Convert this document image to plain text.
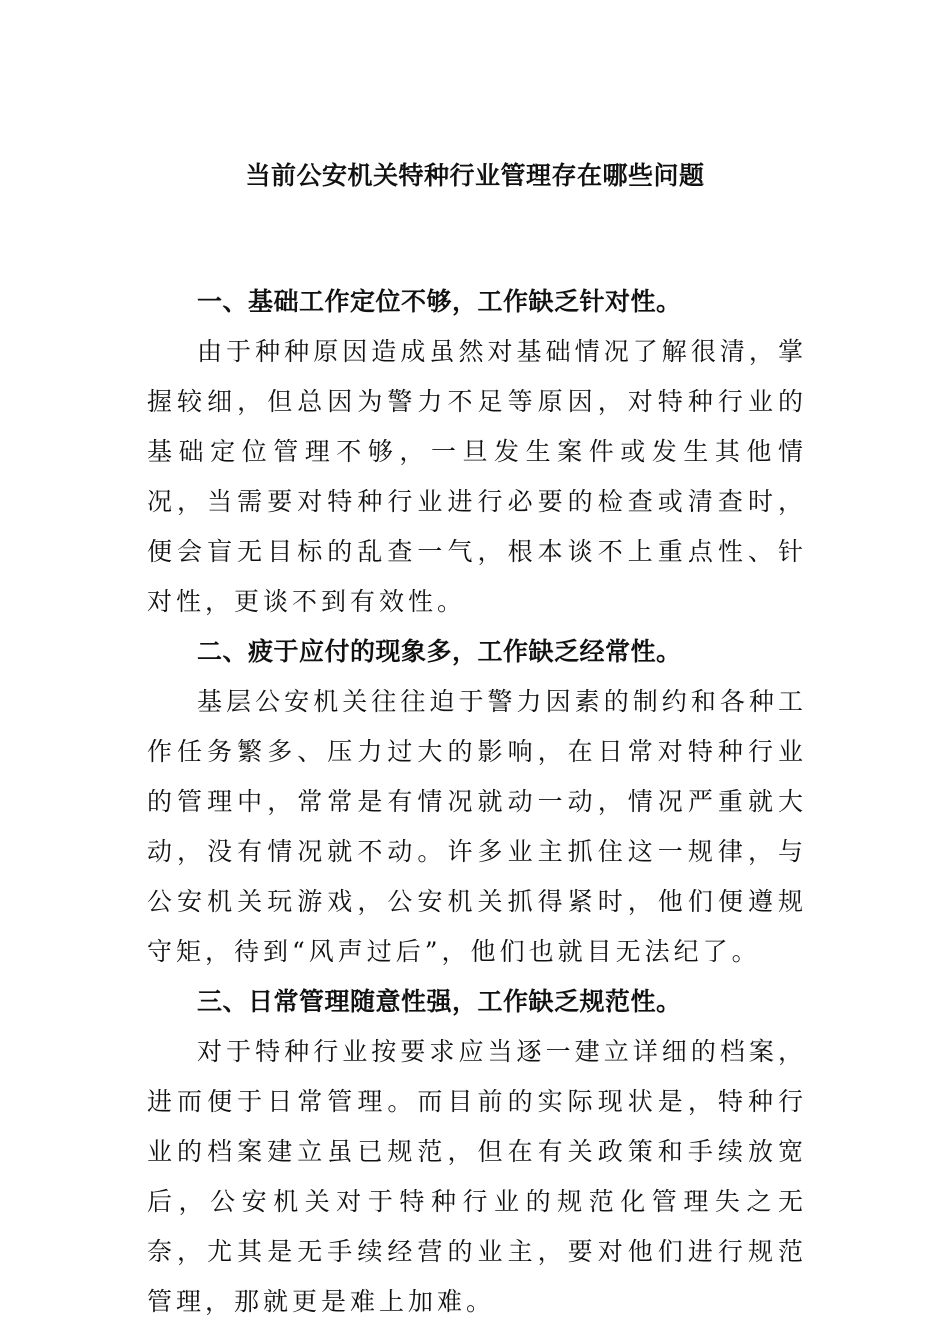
当前公安机关特种行业管理存在哪些问题

一、基础工作定位不够，工作缺乏针对性。

由于种种原因造成虽然对基础情况了解很清，掌握较细，但总因为警力不足等原因，对特种行业的基础定位管理不够，一旦发生案件或发生其他情况，当需要对特种行业进行必要的检查或清查时，便会盲无目标的乱查一气，根本谈不上重点性、针对性，更谈不到有效性。

二、疲于应付的现象多，工作缺乏经常性。

基层公安机关往往迫于警力因素的制约和各种工作任务繁多、压力过大的影响，在日常对特种行业的管理中，常常是有情况就动一动，情况严重就大动，没有情况就不动。许多业主抓住这一规律，与公安机关玩游戏，公安机关抓得紧时，他们便遵规守矩，待到“风声过后”，他们也就目无法纪了。

三、日常管理随意性强，工作缺乏规范性。

对于特种行业按要求应当逐一建立详细的档案，进而便于日常管理。而目前的实际现状是，特种行业的档案建立虽已规范，但在有关政策和手续放宽后，公安机关对于特种行业的规范化管理失之无奈，尤其是无手续经营的业主，要对他们进行规范管理，那就更是难上加难。
